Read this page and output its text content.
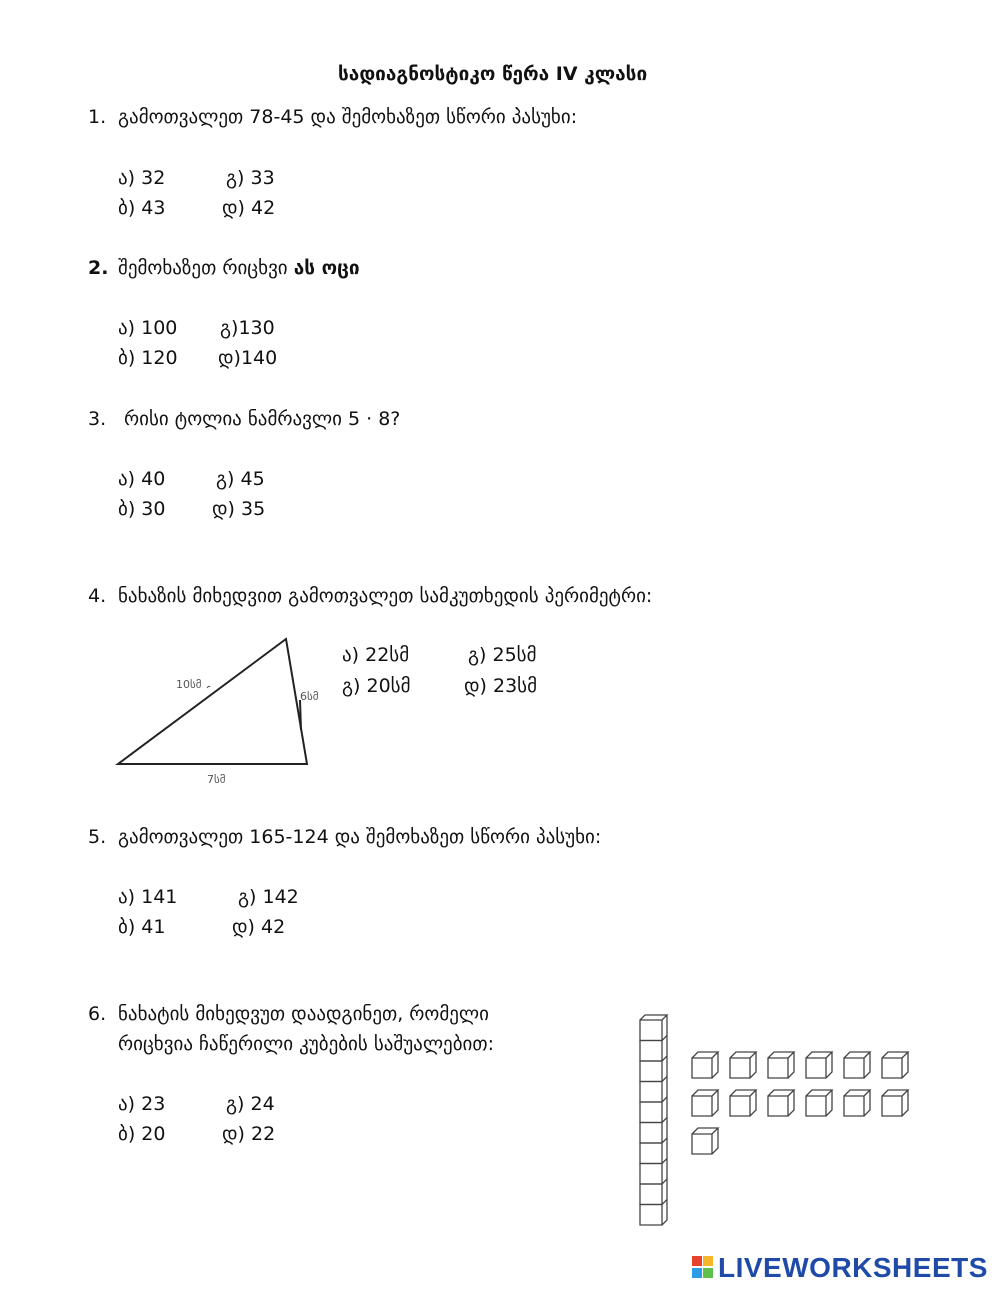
სადიაგნოსტიკო წერა IV კლასი
1. გამოთვალეთ 78-45 და შემოხაზეთ სწორი პასუხი:
ა) 32	გ) 33
ბ) 43	დ) 42
2. შემოხაზეთ რიცხვი ას ოცი
ა) 100 გ)130
ბ) 120 დ)140
3. რისი ტოლია ნამრავლი 5 ⋅ 8?
ა) 40	გ) 45
ბ) 30 დ) 35
4. ნახაზის მიხედვით გამოთვალეთ სამკუთხედის პერიმეტრი:
10სმ
6სმ
7სმ
ა) 22სმ	გ) 25სმ
გ) 20სმ	დ) 23სმ
5. გამოთვალეთ 165-124 და შემოხაზეთ სწორი პასუხი:
ა) 141	გ) 142
ბ) 41	დ) 42
6. ნახატის მიხედვუთ დაადგინეთ, რომელი
რიცხვია ჩაწერილი კუბების საშუალებით:
ა) 23	გ) 24
ბ) 20	დ) 22
LIVEWORKSHEETS
